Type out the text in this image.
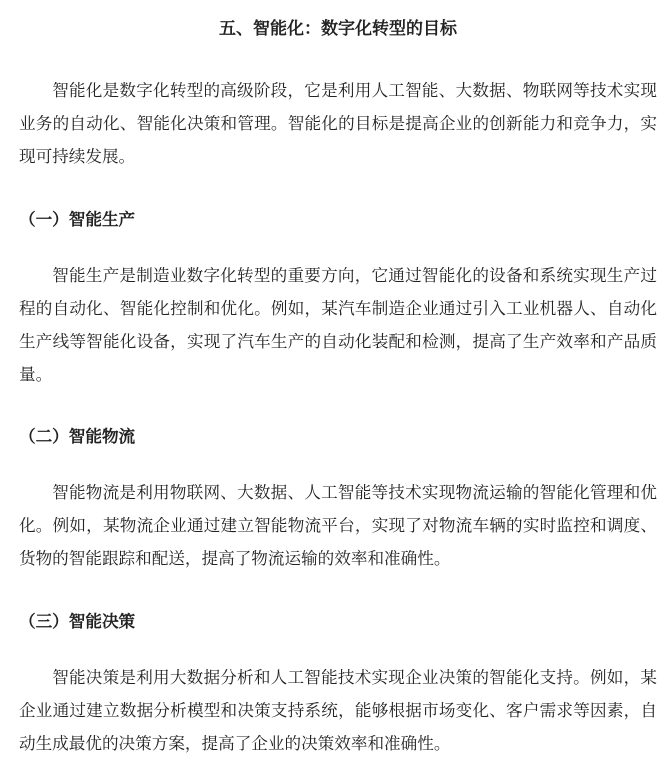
五、智能化：数字化转型的目标

智能化是数字化转型的高级阶段，它是利用人工智能、大数据、物联网等技术实现业务的自动化、智能化决策和管理。智能化的目标是提高企业的创新能力和竞争力，实现可持续发展。

（一）智能生产

智能生产是制造业数字化转型的重要方向，它通过智能化的设备和系统实现生产过程的自动化、智能化控制和优化。例如，某汽车制造企业通过引入工业机器人、自动化生产线等智能化设备，实现了汽车生产的自动化装配和检测，提高了生产效率和产品质量。

（二）智能物流

智能物流是利用物联网、大数据、人工智能等技术实现物流运输的智能化管理和优化。例如，某物流企业通过建立智能物流平台，实现了对物流车辆的实时监控和调度、货物的智能跟踪和配送，提高了物流运输的效率和准确性。

（三）智能决策

智能决策是利用大数据分析和人工智能技术实现企业决策的智能化支持。例如，某企业通过建立数据分析模型和决策支持系统，能够根据市场变化、客户需求等因素，自动生成最优的决策方案，提高了企业的决策效率和准确性。
